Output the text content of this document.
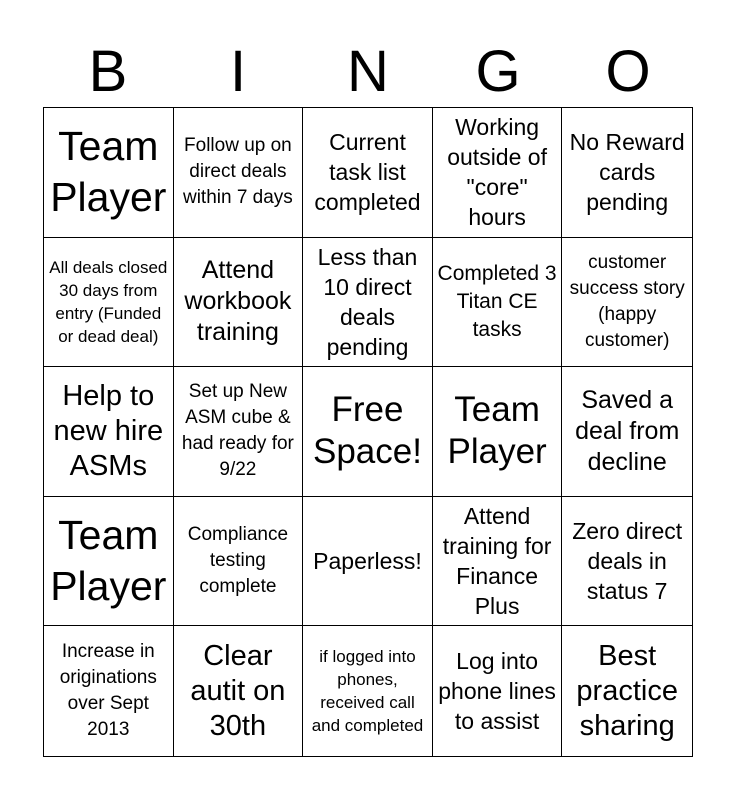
B	I	N	G	O
Team Player
Follow up on direct deals within 7 days
Current task list completed
Working outside of "core" hours
No Reward cards pending
All deals closed 30 days from entry (Funded or dead deal)
Attend workbook training
Less than 10 direct deals pending
Completed 3 Titan CE tasks
customer success story (happy customer)
Help to new hire ASMs
Set up New ASM cube & had ready for 9/22
Free Space!
Team Player
Saved a deal from decline
Team Player
Compliance testing complete
Paperless!
Attend training for Finance Plus
Zero direct deals in status 7
Increase in originations over Sept 2013
Clear autit on 30th
if logged into phones, received call and completed
Log into phone lines to assist
Best practice sharing
